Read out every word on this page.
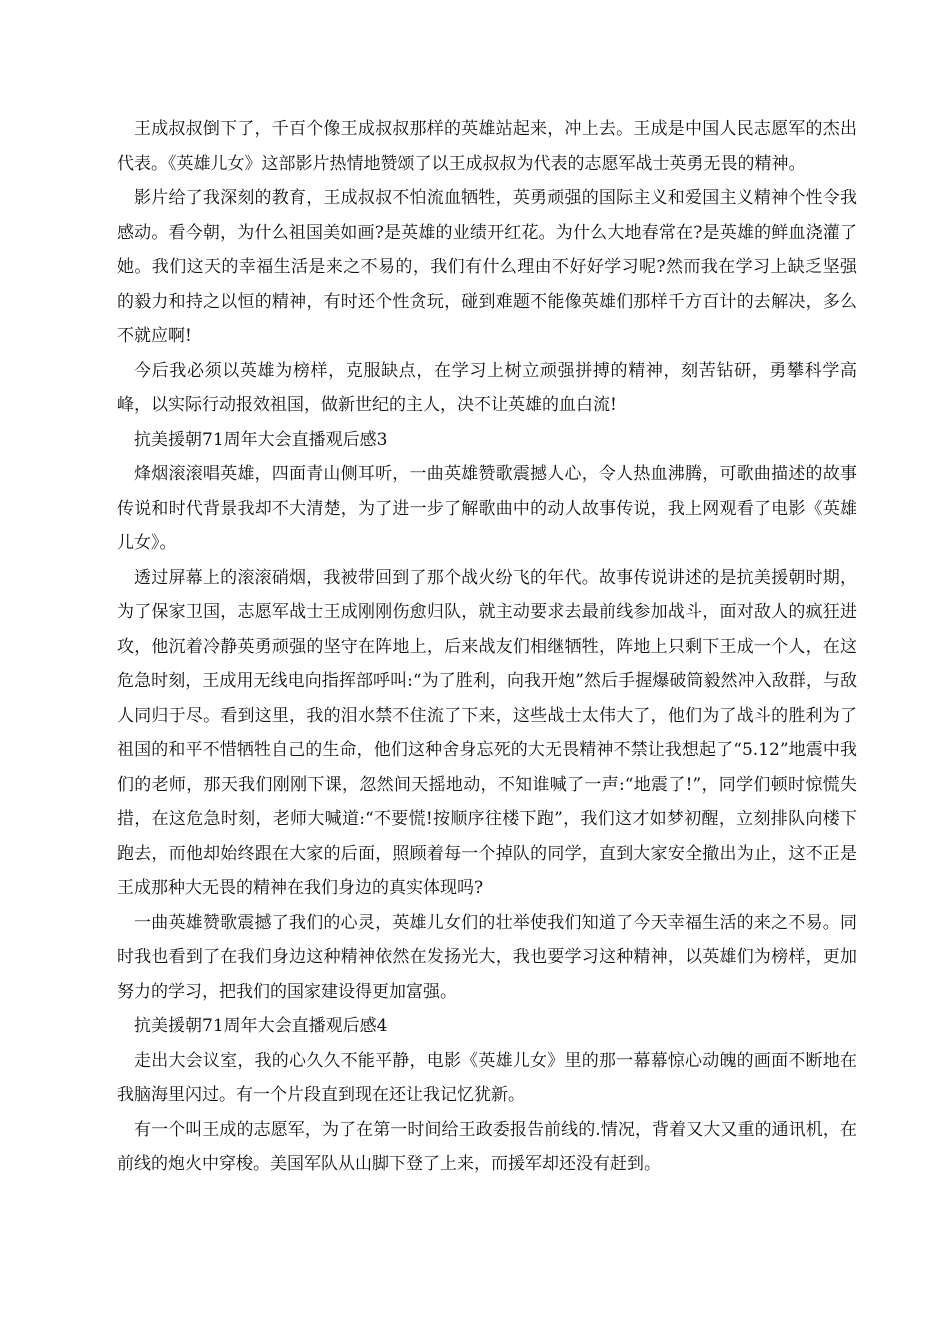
王成叔叔倒下了，千百个像王成叔叔那样的英雄站起来，冲上去。王成是中国人民志愿军的杰出代表。《英雄儿女》这部影片热情地赞颂了以王成叔叔为代表的志愿军战士英勇无畏的精神。

影片给了我深刻的教育，王成叔叔不怕流血牺牲，英勇顽强的国际主义和爱国主义精神个性令我感动。看今朝，为什么祖国美如画?是英雄的业绩开红花。为什么大地春常在?是英雄的鲜血浇灌了她。我们这天的幸福生活是来之不易的，我们有什么理由不好好学习呢?然而我在学习上缺乏坚强的毅力和持之以恒的精神，有时还个性贪玩，碰到难题不能像英雄们那样千方百计的去解决，多么不就应啊!

今后我必须以英雄为榜样，克服缺点，在学习上树立顽强拼搏的精神，刻苦钻研，勇攀科学高峰，以实际行动报效祖国，做新世纪的主人，决不让英雄的血白流!

抗美援朝71周年大会直播观后感3

烽烟滚滚唱英雄，四面青山侧耳听，一曲英雄赞歌震撼人心，令人热血沸腾，可歌曲描述的故事传说和时代背景我却不大清楚，为了进一步了解歌曲中的动人故事传说，我上网观看了电影《英雄儿女》。

透过屏幕上的滚滚硝烟，我被带回到了那个战火纷飞的年代。故事传说讲述的是抗美援朝时期，为了保家卫国，志愿军战士王成刚刚伤愈归队，就主动要求去最前线参加战斗，面对敌人的疯狂进攻，他沉着冷静英勇顽强的坚守在阵地上，后来战友们相继牺牲，阵地上只剩下王成一个人，在这危急时刻，王成用无线电向指挥部呼叫:“为了胜利，向我开炮”然后手握爆破筒毅然冲入敌群，与敌人同归于尽。看到这里，我的泪水禁不住流了下来，这些战士太伟大了，他们为了战斗的胜利为了祖国的和平不惜牺牲自己的生命，他们这种舍身忘死的大无畏精神不禁让我想起了“5.12”地震中我们的老师，那天我们刚刚下课，忽然间天摇地动，不知谁喊了一声:“地震了!”，同学们顿时惊慌失措，在这危急时刻，老师大喊道:“不要慌!按顺序往楼下跑”，我们这才如梦初醒，立刻排队向楼下跑去，而他却始终跟在大家的后面，照顾着每一个掉队的同学，直到大家安全撤出为止，这不正是王成那种大无畏的精神在我们身边的真实体现吗?

一曲英雄赞歌震撼了我们的心灵，英雄儿女们的壮举使我们知道了今天幸福生活的来之不易。同时我也看到了在我们身边这种精神依然在发扬光大，我也要学习这种精神，以英雄们为榜样，更加努力的学习，把我们的国家建设得更加富强。

抗美援朝71周年大会直播观后感4

走出大会议室，我的心久久不能平静，电影《英雄儿女》里的那一幕幕惊心动魄的画面不断地在我脑海里闪过。有一个片段直到现在还让我记忆犹新。

有一个叫王成的志愿军，为了在第一时间给王政委报告前线的.情况，背着又大又重的通讯机，在前线的炮火中穿梭。美国军队从山脚下登了上来，而援军却还没有赶到。
